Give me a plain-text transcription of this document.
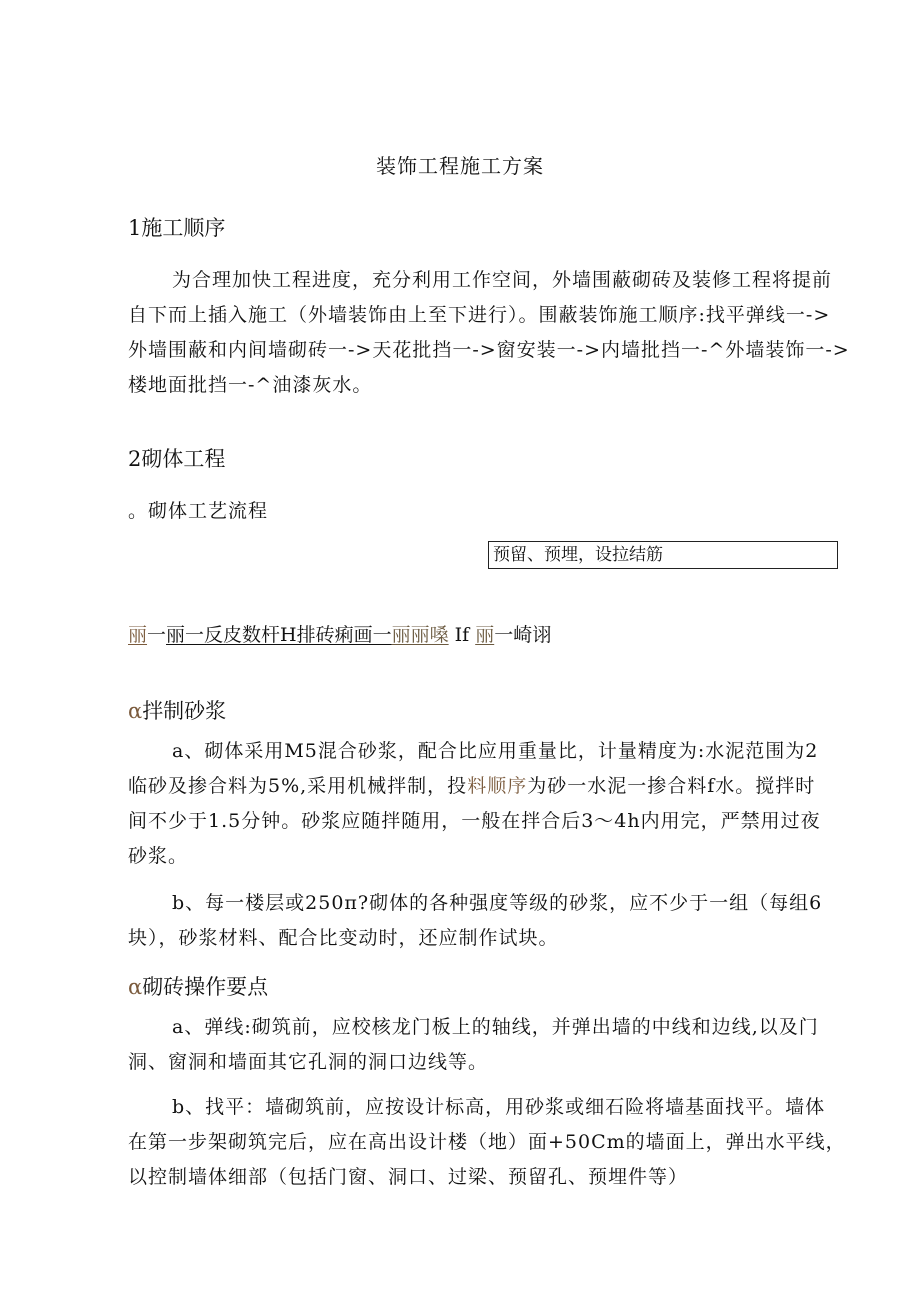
装饰工程施工方案
1施工顺序
为合理加快工程进度，充分利用工作空间，外墙围蔽砌砖及装修工程将提前
自下而上插入施工（外墙装饰由上至下进行）。围蔽装饰施工顺序:找平弹线一->
外墙围蔽和内间墙砌砖一->天花批挡一->窗安装一->内墙批挡一-^外墙装饰一->
楼地面批挡一-^油漆灰水。
2砌体工程
。砌体工艺流程
预留、预埋，设拉结筋
丽一丽一反皮数杆H排砖痢画一丽丽嗓 If 丽一崎诩
α拌制砂浆
a、砌体采用M5混合砂浆，配合比应用重量比，计量精度为:水泥范围为2
临砂及掺合料为5%,采用机械拌制，投料顺序为砂一水泥一掺合料f水。搅拌时
间不少于1.5分钟。砂浆应随拌随用，一般在拌合后3〜4h内用完，严禁用过夜
砂浆。
b、每一楼层或250π?砌体的各种强度等级的砂浆，应不少于一组（每组6
块），砂浆材料、配合比变动时，还应制作试块。
α砌砖操作要点
a、弹线:砌筑前，应校核龙门板上的轴线，并弹出墙的中线和边线,以及门
洞、窗洞和墙面其它孔洞的洞口边线等。
b、找平：墙砌筑前，应按设计标高，用砂浆或细石险将墙基面找平。墙体
在第一步架砌筑完后，应在高出设计楼（地）面+50Cm的墙面上，弹出水平线，
以控制墙体细部（包括门窗、洞口、过梁、预留孔、预埋件等）
